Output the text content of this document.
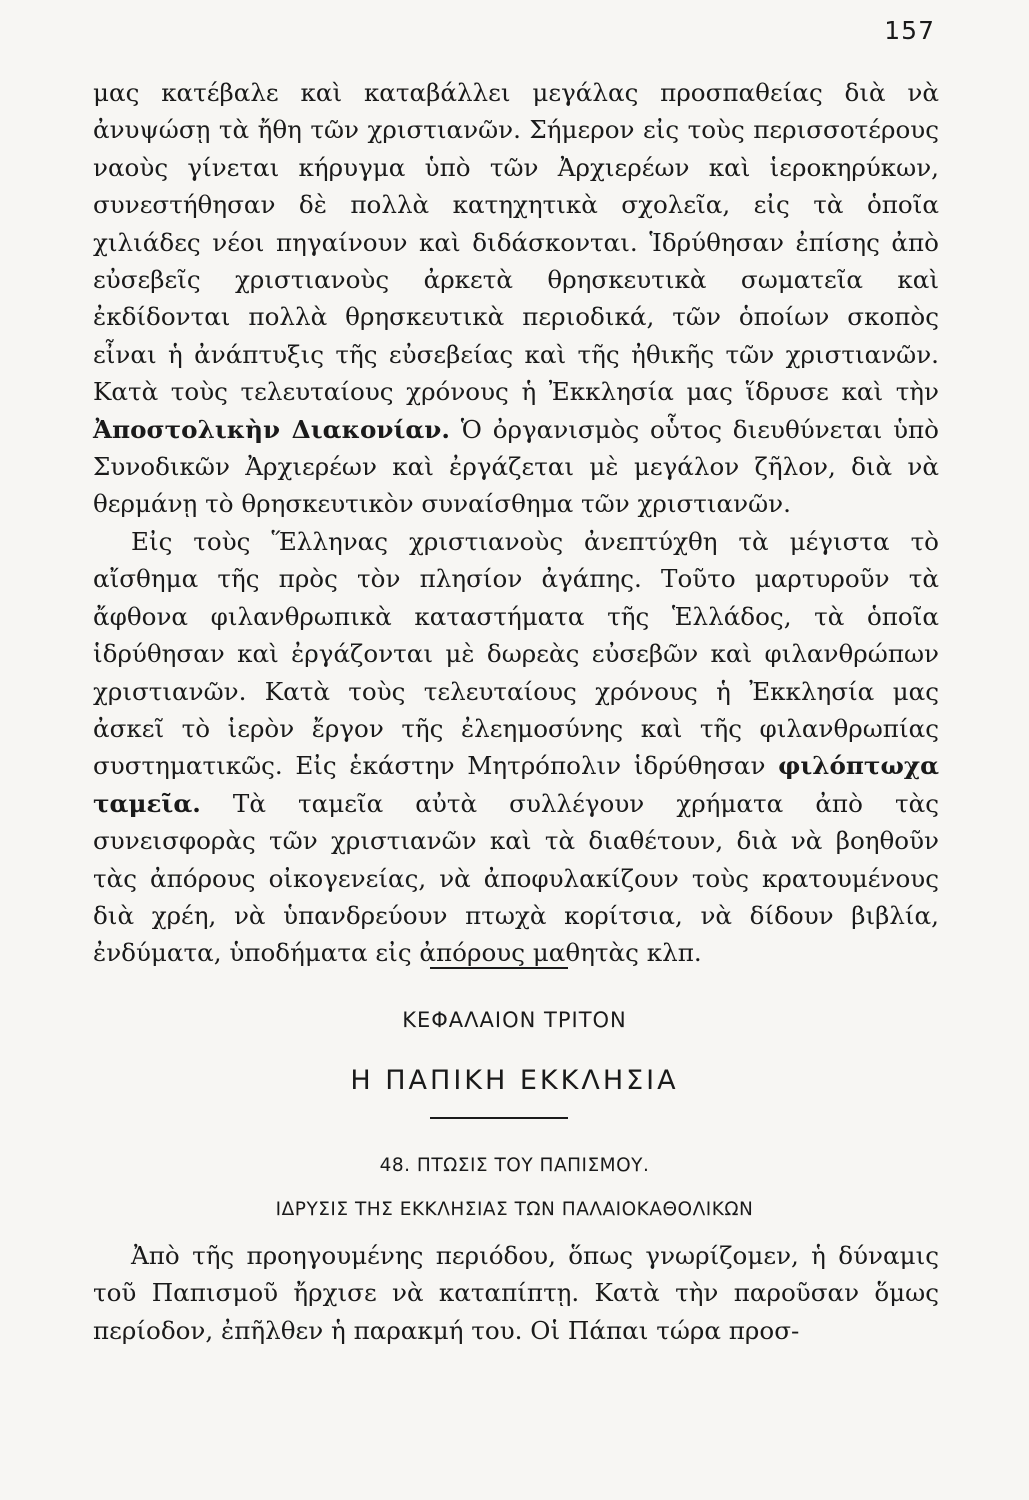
157

μας κατέβαλε καὶ καταβάλλει μεγάλας προσπαθείας διὰ νὰ ἀνυψώσῃ τὰ ἤθη τῶν χριστιανῶν. Σήμερον εἰς τοὺς περισσοτέρους ναοὺς γίνεται κήρυγμα ὑπὸ τῶν Ἀρχιερέων καὶ ἱεροκηρύκων, συνεστήθησαν δὲ πολλὰ κατηχητικὰ σχολεῖα, εἰς τὰ ὁποῖα χιλιάδες νέοι πηγαίνουν καὶ διδάσκονται. Ἱδρύθησαν ἐπίσης ἀπὸ εὐσεβεῖς χριστιανοὺς ἀρκετὰ θρησκευτικὰ σωματεῖα καὶ ἐκδίδονται πολλὰ θρησκευτικὰ περιοδικά, τῶν ὁποίων σκοπὸς εἶναι ἡ ἀνάπτυξις τῆς εὐσεβείας καὶ τῆς ἠθικῆς τῶν χριστιανῶν. Κατὰ τοὺς τελευταίους χρόνους ἡ Ἐκκλησία μας ἵδρυσε καὶ τὴν Ἀποστολικὴν Διακονίαν. Ὁ ὀργανισμὸς οὗτος διευθύνεται ὑπὸ Συνοδικῶν Ἀρχιερέων καὶ ἐργάζεται μὲ μεγάλον ζῆλον, διὰ νὰ θερμάνῃ τὸ θρησκευτικὸν συναίσθημα τῶν χριστιανῶν.

Εἰς τοὺς Ἕλληνας χριστιανοὺς ἀνεπτύχθη τὰ μέγιστα τὸ αἴσθημα τῆς πρὸς τὸν πλησίον ἀγάπης. Τοῦτο μαρτυροῦν τὰ ἄφθονα φιλανθρωπικὰ καταστήματα τῆς Ἑλλάδος, τὰ ὁποῖα ἱδρύθησαν καὶ ἐργάζονται μὲ δωρεὰς εὐσεβῶν καὶ φιλανθρώπων χριστιανῶν. Κατὰ τοὺς τελευταίους χρόνους ἡ Ἐκκλησία μας ἀσκεῖ τὸ ἱερὸν ἔργον τῆς ἐλεημοσύνης καὶ τῆς φιλανθρωπίας συστηματικῶς. Εἰς ἑκάστην Μητρόπολιν ἱδρύθησαν φιλόπτωχα ταμεῖα. Τὰ ταμεῖα αὐτὰ συλλέγουν χρήματα ἀπὸ τὰς συνεισφορὰς τῶν χριστιανῶν καὶ τὰ διαθέτουν, διὰ νὰ βοηθοῦν τὰς ἀπόρους οἰκογενείας, νὰ ἀποφυλακίζουν τοὺς κρατουμένους διὰ χρέη, νὰ ὑπανδρεύουν πτωχὰ κορίτσια, νὰ δίδουν βιβλία, ἐνδύματα, ὑποδήματα εἰς ἀπόρους μαθητὰς κλπ.

ΚΕΦΑΛΑΙΟΝ ΤΡΙΤΟΝ
Η ΠΑΠΙΚΗ ΕΚΚΛΗΣΙΑ
48. ΠΤΩΣΙΣ ΤΟΥ ΠΑΠΙΣΜΟΥ.
ΙΔΡΥΣΙΣ ΤΗΣ ΕΚΚΛΗΣΙΑΣ ΤΩΝ ΠΑΛΑΙΟΚΑΘΟΛΙΚΩΝ

Ἀπὸ τῆς προηγουμένης περιόδου, ὅπως γνωρίζομεν, ἡ δύναμις τοῦ Παπισμοῦ ἤρχισε νὰ καταπίπτῃ. Κατὰ τὴν παροῦσαν ὅμως περίοδον, ἐπῆλθεν ἡ παρακμή του. Οἱ Πάπαι τώρα προσ-
